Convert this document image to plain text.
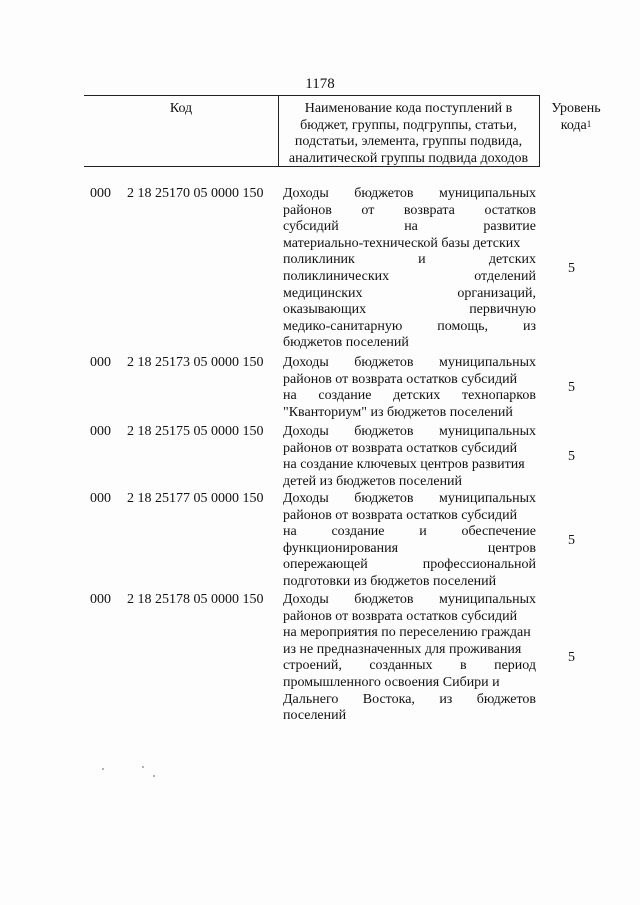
1178
Код	Наименование кода поступлений в
бюджет, группы, подгруппы, статьи,
подстатьи, элемента, группы подвида,
аналитической группы подвида доходов
Уровень
кода$^1$
000 2 18 25170 05 0000 150 Доходы бюджетов муниципальных
районов от возврата остатков
субсидий	на	развитие
материально-технической базы детских
поликлиник	и	детских
поликлинических	отделений
медицинских	организаций,
оказывающих	первичную
медико-санитарную помощь, из
бюджетов поселений
5
000 2 18 25173 05 0000 150 Доходы бюджетов муниципальных
районов от возврата остатков субсидий
на создание детских технопарков
"Кванториум" из бюджетов поселений
5
000 2 18 25175 05 0000 150 Доходы бюджетов муниципальных
районов от возврата остатков субсидий
на создание ключевых центров развития
детей из бюджетов поселений
5
000 2 18 25177 05 0000 150 Доходы бюджетов муниципальных
районов от возврата остатков субсидий
на создание и обеспечение
функционирования	центров
опережающей	профессиональной
подготовки из бюджетов поселений
5
000 2 18 25178 05 0000 150 Доходы бюджетов муниципальных
районов от возврата остатков субсидий
на мероприятия по переселению граждан
из не предназначенных для проживания
строений, созданных в период
промышленного освоения Сибири и
Дальнего Востока, из бюджетов
поселений
5
